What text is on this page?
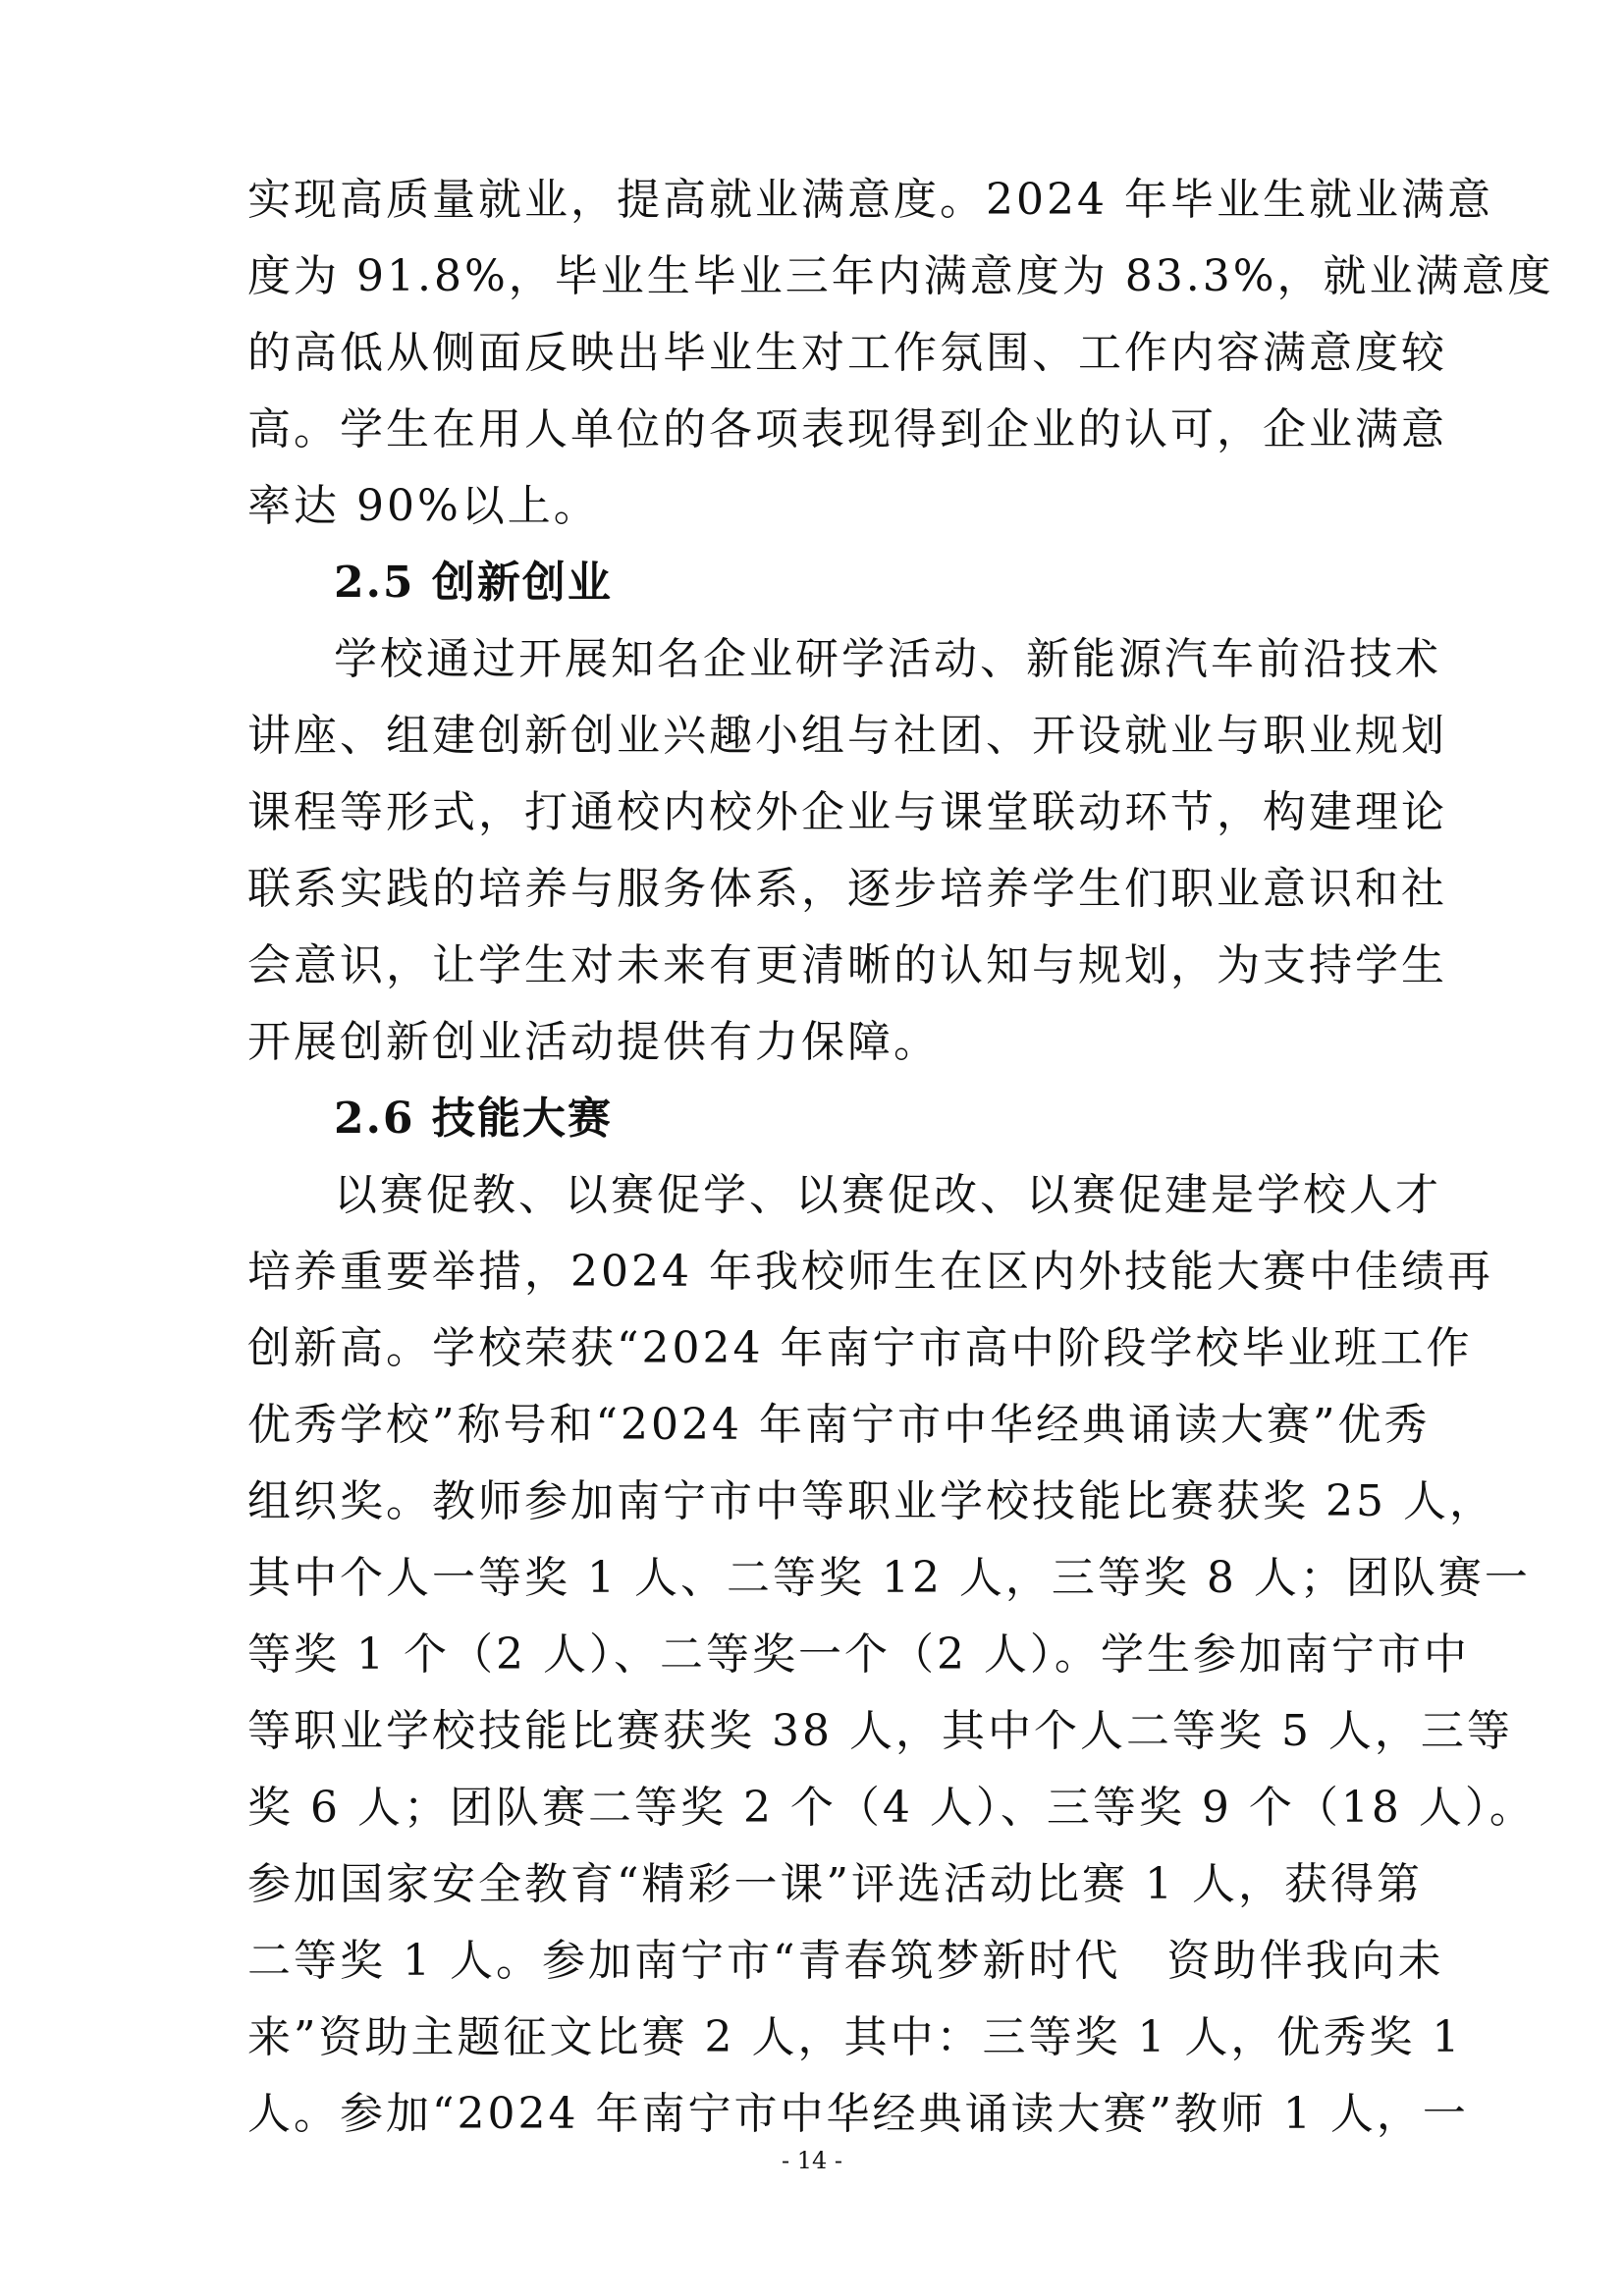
实现高质量就业，提高就业满意度。2024 年毕业生就业满意
度为 91.8%，毕业生毕业三年内满意度为 83.3%，就业满意度
的高低从侧面反映出毕业生对工作氛围、工作内容满意度较
高。学生在用人单位的各项表现得到企业的认可，企业满意
率达 90%以上。
2.5 创新创业
学校通过开展知名企业研学活动、新能源汽车前沿技术
讲座、组建创新创业兴趣小组与社团、开设就业与职业规划
课程等形式，打通校内校外企业与课堂联动环节，构建理论
联系实践的培养与服务体系，逐步培养学生们职业意识和社
会意识，让学生对未来有更清晰的认知与规划，为支持学生
开展创新创业活动提供有力保障。
2.6 技能大赛
以赛促教、以赛促学、以赛促改、以赛促建是学校人才
培养重要举措，2024 年我校师生在区内外技能大赛中佳绩再
创新高。学校荣获“2024 年南宁市高中阶段学校毕业班工作
优秀学校”称号和“2024 年南宁市中华经典诵读大赛”优秀
组织奖。教师参加南宁市中等职业学校技能比赛获奖 25 人，
其中个人一等奖 1 人、二等奖 12 人，三等奖 8 人；团队赛一
等奖 1 个（2 人）、二等奖一个（2 人）。学生参加南宁市中
等职业学校技能比赛获奖 38 人，其中个人二等奖 5 人，三等
奖 6 人；团队赛二等奖 2 个（4 人）、三等奖 9 个（18 人）。
参加国家安全教育“精彩一课”评选活动比赛 1 人，获得第
二等奖 1 人。参加南宁市“青春筑梦新时代　资助伴我向未
来”资助主题征文比赛 2 人，其中：三等奖 1 人，优秀奖 1
人。参加“2024 年南宁市中华经典诵读大赛”教师 1 人，一
- 14 -
